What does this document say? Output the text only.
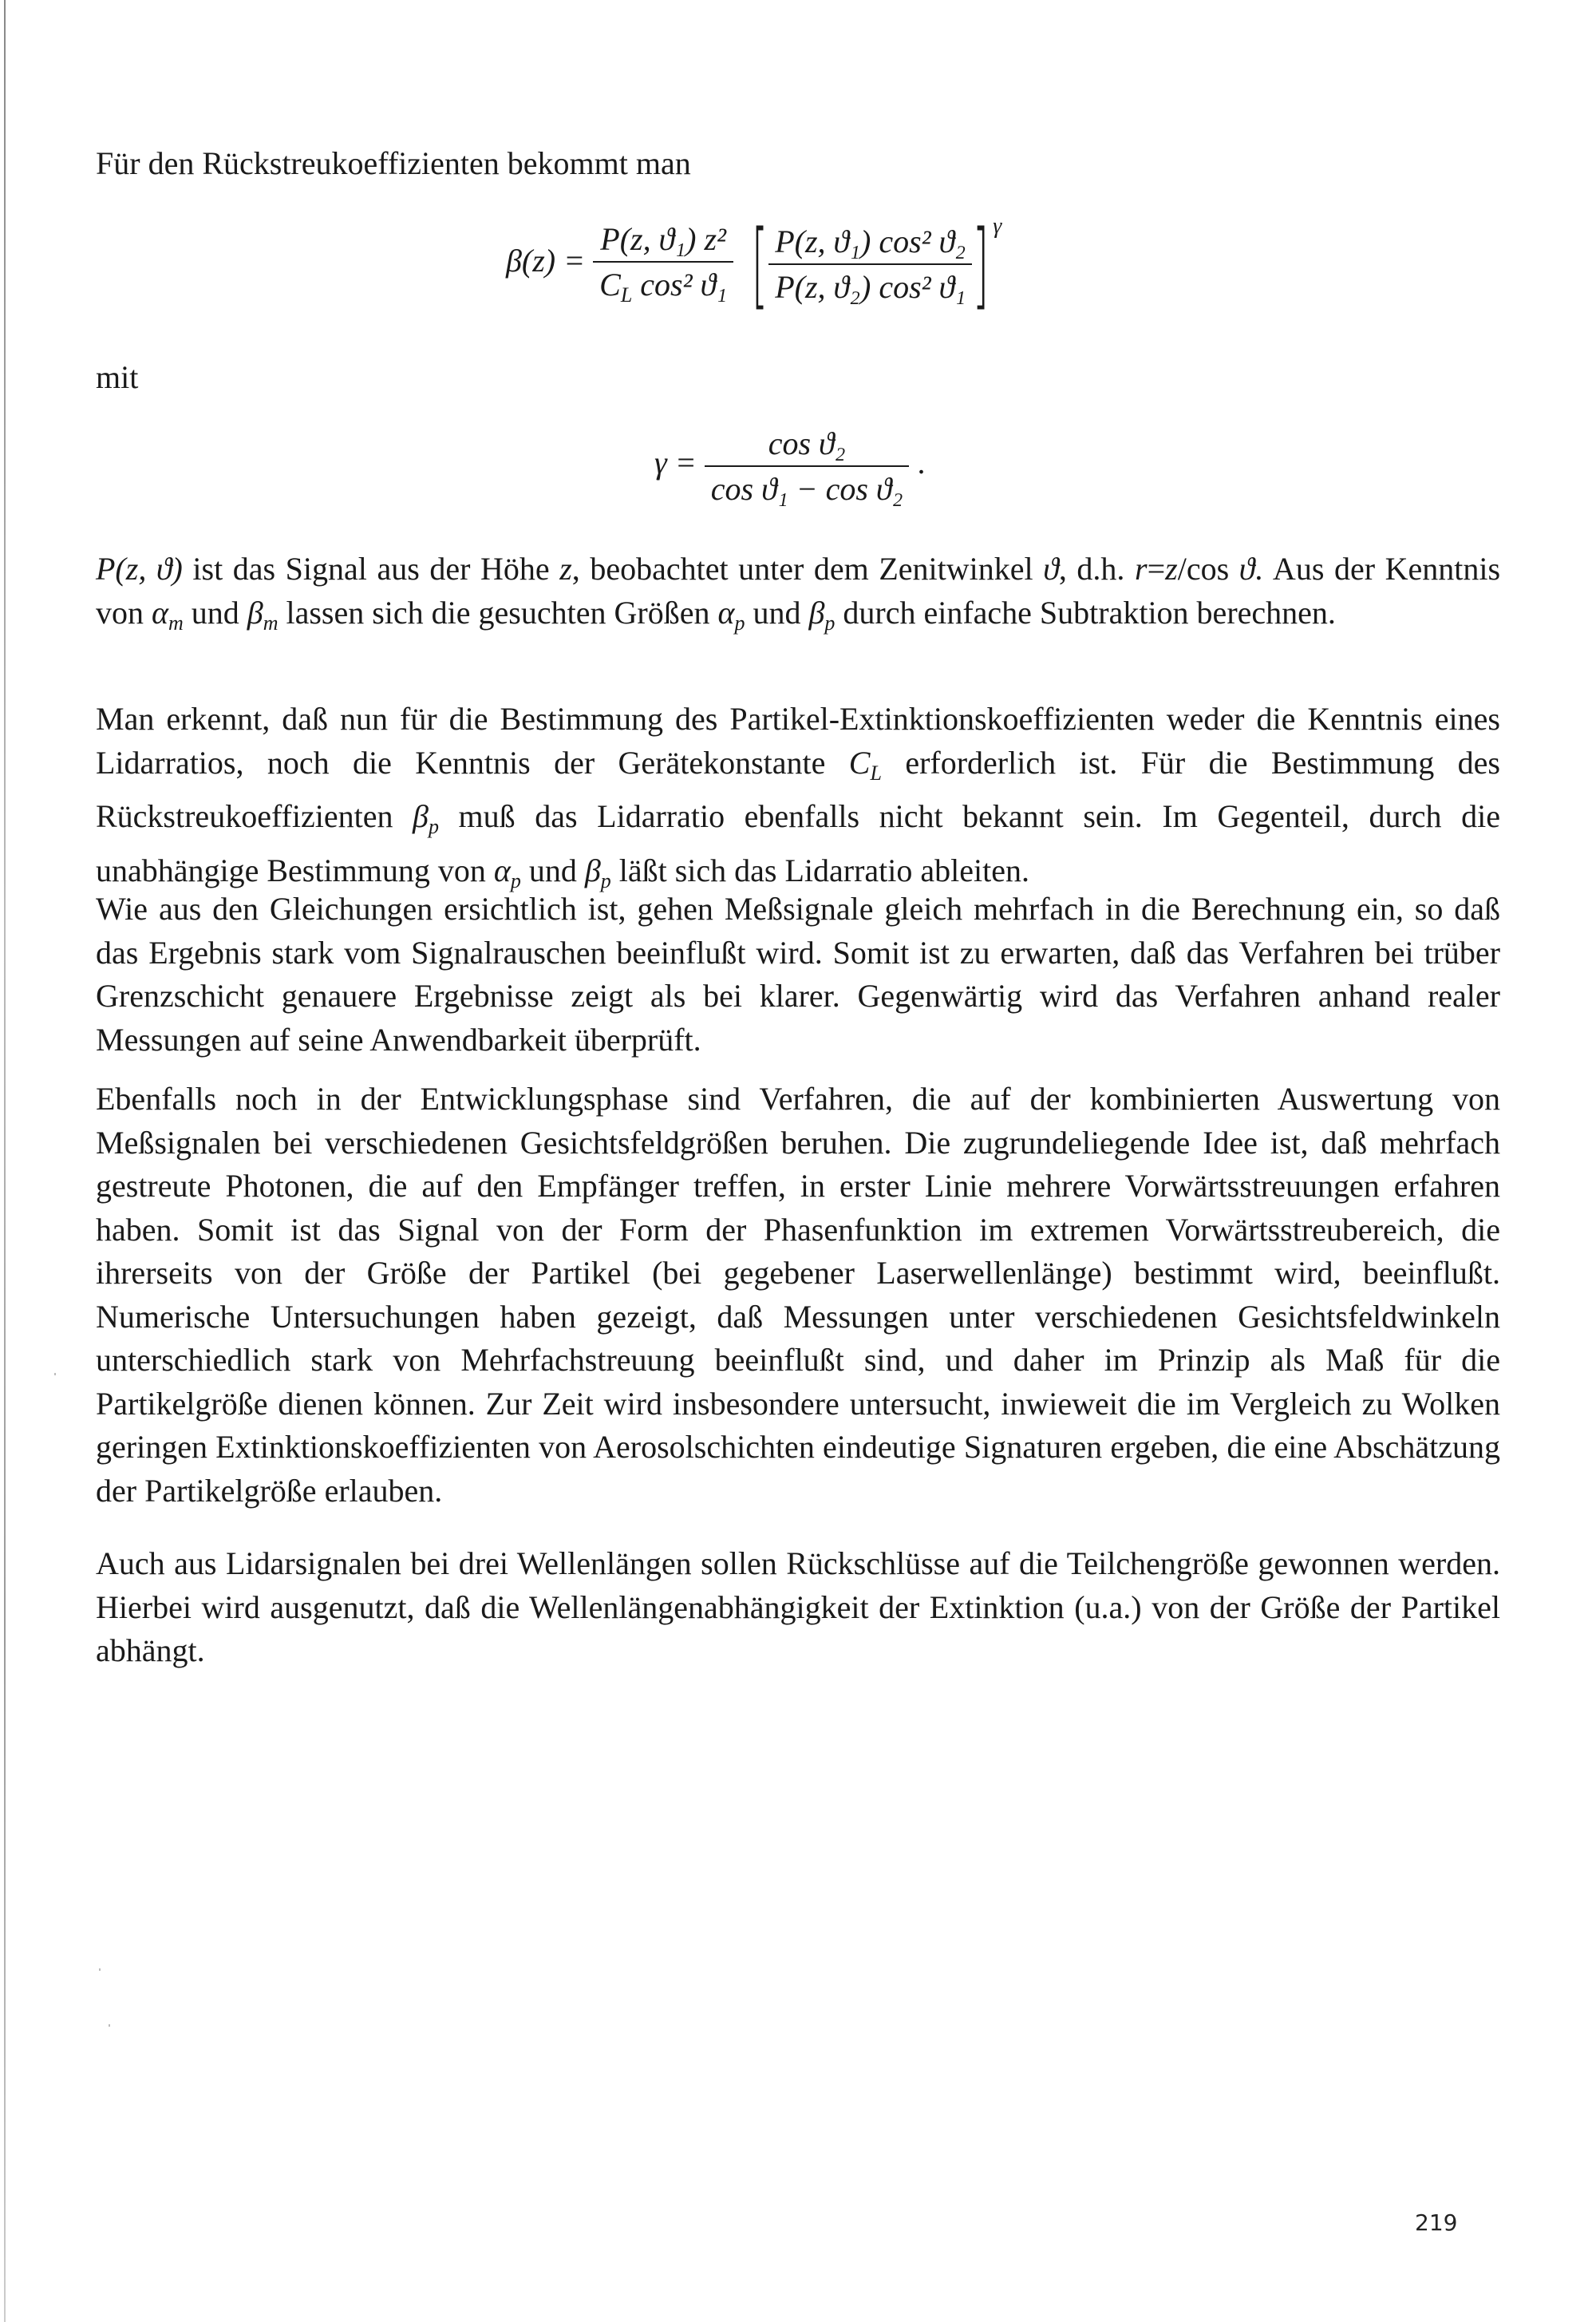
Für den Rückstreukoeffizienten bekommt man
$\beta(z) = \frac{\text{P(z, ϑ₁) z²}}{C_L \cos^2 ϑ_1}$ [ $\frac{\text{P(z, ϑ₁) cos² ϑ₂}}{\text{P(z, ϑ₂) cos² ϑ₁}}$ ] $^\gamma$
mit
$\gamma = \frac{\text{cos ϑ₂}}{\text{cos ϑ₁ − cos ϑ₂}}$ .
P(z, ϑ) ist das Signal aus der Höhe z, beobachtet unter dem Zenitwinkel ϑ, d.h. r=z/cos ϑ. Aus der Kenntnis von $\alpha_m$ und $\beta_m$ lassen sich die gesuchten Größen $\alpha_p$ und $\beta_p$ durch einfache Subtraktion berechnen.
Man erkennt, daß nun für die Bestimmung des Partikel-Extinktionskoeffizienten weder die Kenntnis eines Lidarratios, noch die Kenntnis der Gerätekonstante $C_L$ erforderlich ist. Für die Bestimmung des Rückstreukoeffizienten $\beta_p$ muß das Lidarratio ebenfalls nicht bekannt sein. Im Gegenteil, durch die unabhängige Bestimmung von $\alpha_p$ und $\beta_p$ läßt sich das Lidarratio ableiten.
Wie aus den Gleichungen ersichtlich ist, gehen Meßsignale gleich mehrfach in die Berechnung ein, so daß das Ergebnis stark vom Signalrauschen beeinflußt wird. Somit ist zu erwarten, daß das Verfahren bei trüber Grenzschicht genauere Ergebnisse zeigt als bei klarer. Gegenwärtig wird das Verfahren anhand realer Messungen auf seine Anwendbarkeit überprüft.
Ebenfalls noch in der Entwicklungsphase sind Verfahren, die auf der kombinierten Auswertung von Meßsignalen bei verschiedenen Gesichtsfeldgrößen beruhen. Die zugrundeliegende Idee ist, daß mehrfach gestreute Photonen, die auf den Empfänger treffen, in erster Linie mehrere Vorwärtsstreuungen erfahren haben. Somit ist das Signal von der Form der Phasenfunktion im extremen Vorwärtsstreubereich, die ihrerseits von der Größe der Partikel (bei gegebener Laserwellenlänge) bestimmt wird, beeinflußt. Numerische Untersuchungen haben gezeigt, daß Messungen unter verschiedenen Gesichtsfeldwinkeln unterschiedlich stark von Mehrfachstreuung beeinflußt sind, und daher im Prinzip als Maß für die Partikelgröße dienen können. Zur Zeit wird insbesondere untersucht, inwieweit die im Vergleich zu Wolken geringen Extinktionskoeffizienten von Aerosolschichten eindeutige Signaturen ergeben, die eine Abschätzung der Partikelgröße erlauben.
Auch aus Lidarsignalen bei drei Wellenlängen sollen Rückschlüsse auf die Teilchengröße gewonnen werden. Hierbei wird ausgenutzt, daß die Wellenlängenabhängigkeit der Extinktion (u.a.) von der Größe der Partikel abhängt.
219
